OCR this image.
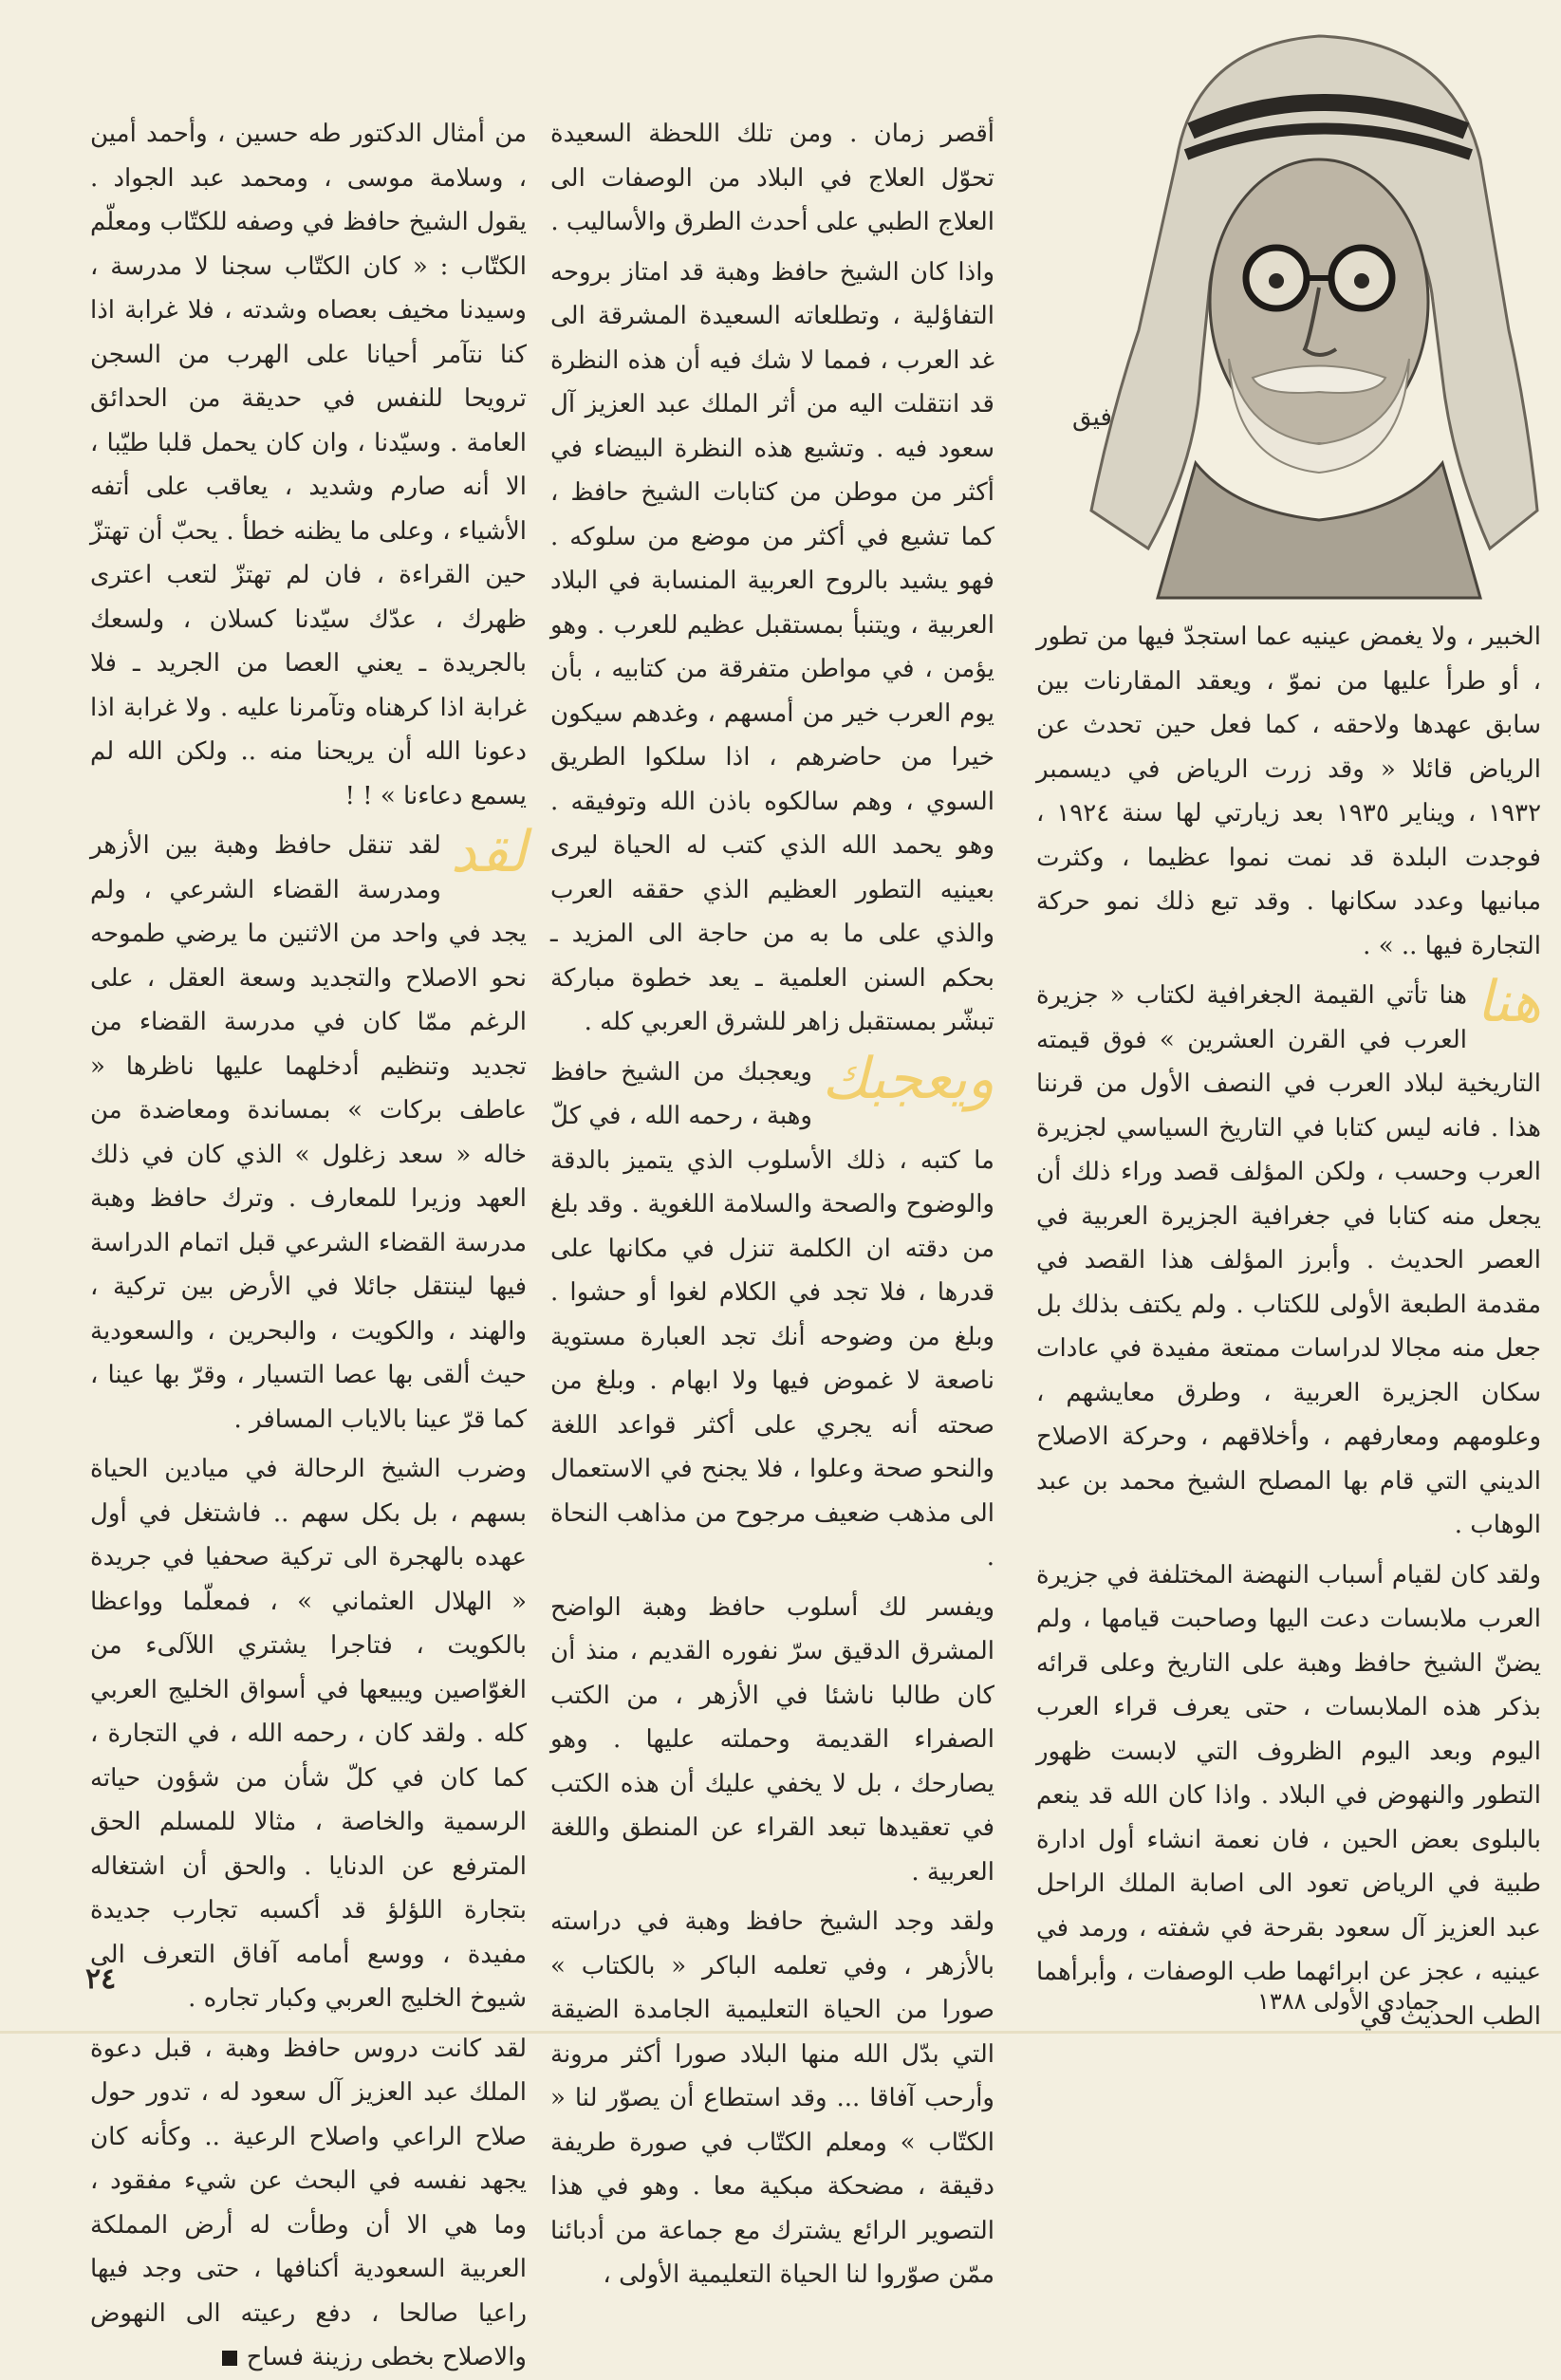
فيق

الخبير ، ولا يغمض عينيه عما استجدّ فيها من تطور ، أو طرأ عليها من نموّ ، ويعقد المقارنات بين سابق عهدها ولاحقه ، كما فعل حين تحدث عن الرياض قائلا « وقد زرت الرياض في ديسمبر ١٩٣٢ ، ويناير ١٩٣٥ بعد زيارتي لها سنة ١٩٢٤ ، فوجدت البلدة قد نمت نموا عظيما ، وكثرت مبانيها وعدد سكانها . وقد تبع ذلك نمو حركة التجارة فيها .. » .

هنا
هنا تأتي القيمة الجغرافية لكتاب « جزيرة العرب في القرن العشرين » فوق قيمته التاريخية لبلاد العرب في النصف الأول من قرننا هذا . فانه ليس كتابا في التاريخ السياسي لجزيرة العرب وحسب ، ولكن المؤلف قصد وراء ذلك أن يجعل منه كتابا في جغرافية الجزيرة العربية في العصر الحديث . وأبرز المؤلف هذا القصد في مقدمة الطبعة الأولى للكتاب . ولم يكتف بذلك بل جعل منه مجالا لدراسات ممتعة مفيدة في عادات سكان الجزيرة العربية ، وطرق معايشهم ، وعلومهم ومعارفهم ، وأخلاقهم ، وحركة الاصلاح الديني التي قام بها المصلح الشيخ محمد بن عبد الوهاب .

ولقد كان لقيام أسباب النهضة المختلفة في جزيرة العرب ملابسات دعت اليها وصاحبت قيامها ، ولم يضنّ الشيخ حافظ وهبة على التاريخ وعلى قرائه بذكر هذه الملابسات ، حتى يعرف قراء العرب اليوم وبعد اليوم الظروف التي لابست ظهور التطور والنهوض في البلاد . واذا كان الله قد ينعم بالبلوى بعض الحين ، فان نعمة انشاء أول ادارة طبية في الرياض تعود الى اصابة الملك الراحل عبد العزيز آل سعود بقرحة في شفته ، ورمد في عينيه ، عجز عن ابرائهما طب الوصفات ، وأبرأهما الطب الحديث في

أقصر زمان . ومن تلك اللحظة السعيدة تحوّل العلاج في البلاد من الوصفات الى العلاج الطبي على أحدث الطرق والأساليب .

واذا كان الشيخ حافظ وهبة قد امتاز بروحه التفاؤلية ، وتطلعاته السعيدة المشرقة الى غد العرب ، فمما لا شك فيه أن هذه النظرة قد انتقلت اليه من أثر الملك عبد العزيز آل سعود فيه . وتشيع هذه النظرة البيضاء في أكثر من موطن من كتابات الشيخ حافظ ، كما تشيع في أكثر من موضع من سلوكه . فهو يشيد بالروح العربية المنسابة في البلاد العربية ، ويتنبأ بمستقبل عظيم للعرب . وهو يؤمن ، في مواطن متفرقة من كتابيه ، بأن يوم العرب خير من أمسهم ، وغدهم سيكون خيرا من حاضرهم ، اذا سلكوا الطريق السوي ، وهم سالكوه باذن الله وتوفيقه . وهو يحمد الله الذي كتب له الحياة ليرى بعينيه التطور العظيم الذي حققه العرب والذي على ما به من حاجة الى المزيد ـ بحكم السنن العلمية ـ يعد خطوة مباركة تبشّر بمستقبل زاهر للشرق العربي كله .

ويعجبك
ويعجبك من الشيخ حافظ وهبة ، رحمه الله ، في كلّ ما كتبه ، ذلك الأسلوب الذي يتميز بالدقة والوضوح والصحة والسلامة اللغوية . وقد بلغ من دقته ان الكلمة تنزل في مكانها على قدرها ، فلا تجد في الكلام لغوا أو حشوا . وبلغ من وضوحه أنك تجد العبارة مستوية ناصعة لا غموض فيها ولا ابهام . وبلغ من صحته أنه يجري على أكثر قواعد اللغة والنحو صحة وعلوا ، فلا يجنح في الاستعمال الى مذهب ضعيف مرجوح من مذاهب النحاة .

ويفسر لك أسلوب حافظ وهبة الواضح المشرق الدقيق سرّ نفوره القديم ، منذ أن كان طالبا ناشئا في الأزهر ، من الكتب الصفراء القديمة وحملته عليها . وهو يصارحك ، بل لا يخفي عليك أن هذه الكتب في تعقيدها تبعد القراء عن المنطق واللغة العربية .

ولقد وجد الشيخ حافظ وهبة في دراسته بالأزهر ، وفي تعلمه الباكر « بالكتاب » صورا من الحياة التعليمية الجامدة الضيقة التي بدّل الله منها البلاد صورا أكثر مرونة وأرحب آفاقا ... وقد استطاع أن يصوّر لنا « الكتّاب » ومعلم الكتّاب في صورة طريفة دقيقة ، مضحكة مبكية معا . وهو في هذا التصوير الرائع يشترك مع جماعة من أدبائنا ممّن صوّروا لنا الحياة التعليمية الأولى ،

من أمثال الدكتور طه حسين ، وأحمد أمين ، وسلامة موسى ، ومحمد عبد الجواد . يقول الشيخ حافظ في وصفه للكتّاب ومعلّم الكتّاب : « كان الكتّاب سجنا لا مدرسة ، وسيدنا مخيف بعصاه وشدته ، فلا غرابة اذا كنا نتآمر أحيانا على الهرب من السجن ترويحا للنفس في حديقة من الحدائق العامة . وسيّدنا ، وان كان يحمل قلبا طيّبا ، الا أنه صارم وشديد ، يعاقب على أتفه الأشياء ، وعلى ما يظنه خطأ . يحبّ أن تهتزّ حين القراءة ، فان لم تهتزّ لتعب اعترى ظهرك ، عدّك سيّدنا كسلان ، ولسعك بالجريدة ـ يعني العصا من الجريد ـ فلا غرابة اذا كرهناه وتآمرنا عليه . ولا غرابة اذا دعونا الله أن يريحنا منه .. ولكن الله لم يسمع دعاءنا » ! !

لقد
لقد تنقل حافظ وهبة بين الأزهر ومدرسة القضاء الشرعي ، ولم يجد في واحد من الاثنين ما يرضي طموحه نحو الاصلاح والتجديد وسعة العقل ، على الرغم ممّا كان في مدرسة القضاء من تجديد وتنظيم أدخلهما عليها ناظرها « عاطف بركات » بمساندة ومعاضدة من خاله « سعد زغلول » الذي كان في ذلك العهد وزيرا للمعارف . وترك حافظ وهبة مدرسة القضاء الشرعي قبل اتمام الدراسة فيها لينتقل جائلا في الأرض بين تركية ، والهند ، والكويت ، والبحرين ، والسعودية حيث ألقى بها عصا التسيار ، وقرّ بها عينا ، كما قرّ عينا بالاياب المسافر .

وضرب الشيخ الرحالة في ميادين الحياة بسهم ، بل بكل سهم .. فاشتغل في أول عهده بالهجرة الى تركية صحفيا في جريدة « الهلال العثماني » ، فمعلّما وواعظا بالكويت ، فتاجرا يشتري اللآلىء من الغوّاصين ويبيعها في أسواق الخليج العربي كله . ولقد كان ، رحمه الله ، في التجارة ، كما كان في كلّ شأن من شؤون حياته الرسمية والخاصة ، مثالا للمسلم الحق المترفع عن الدنايا . والحق أن اشتغاله بتجارة اللؤلؤ قد أكسبه تجارب جديدة مفيدة ، ووسع أمامه آفاق التعرف الى شيوخ الخليج العربي وكبار تجاره .

لقد كانت دروس حافظ وهبة ، قبل دعوة الملك عبد العزيز آل سعود له ، تدور حول صلاح الراعي واصلاح الرعية .. وكأنه كان يجهد نفسه في البحث عن شيء مفقود ، وما هي الا أن وطأت له أرض المملكة العربية السعودية أكنافها ، حتى وجد فيها راعيا صالحا ، دفع رعيته الى النهوض والاصلاح بخطى رزينة فساح

٢٤
جمادى الأولى ١٣٨٨
